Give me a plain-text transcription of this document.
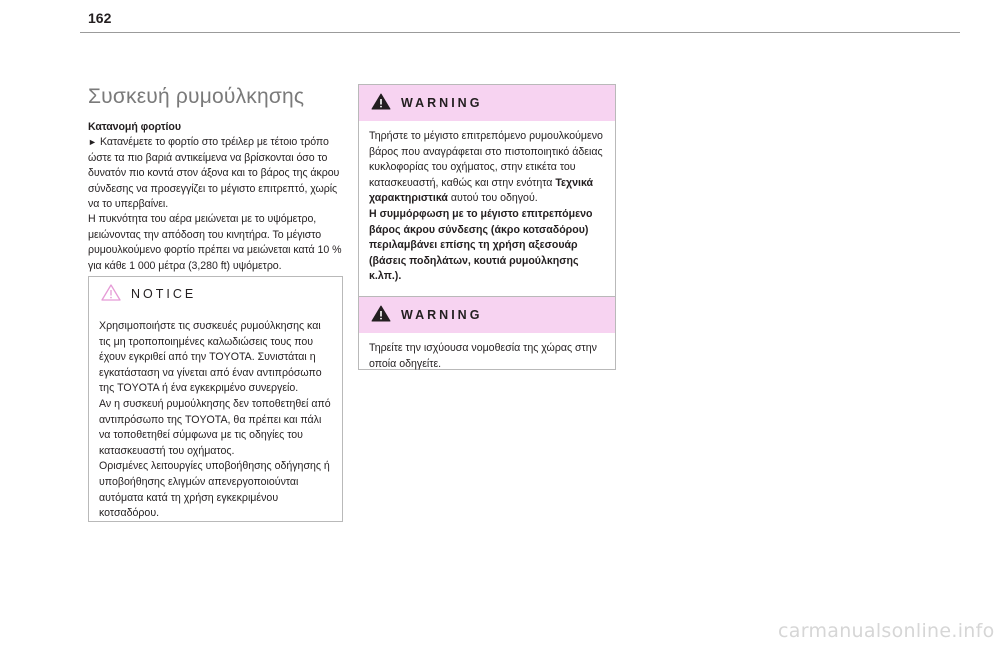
162
Συσκευή ρυμούλκησης

Κατανομή φορτίου

► Κατανέμετε το φορτίο στο τρέιλερ με τέτοιο τρόπο ώστε τα πιο βαριά αντικείμενα να βρίσκονται όσο το δυνατόν πιο κοντά στον άξονα και το βάρος της άκρου σύνδεσης να προσεγγίζει το μέγιστο επιτρεπτό, χωρίς να το υπερβαίνει.

Η πυκνότητα του αέρα μειώνεται με το υψόμετρο, μειώνοντας την απόδοση του κινητήρα. Το μέγιστο ρυμουλκούμενο φορτίο πρέπει να μειώνεται κατά 10 % για κάθε 1 000 μέτρα (3,280 ft) υψόμετρο.

NOTICE

Χρησιμοποιήστε τις συσκευές ρυμούλκησης και τις μη τροποποιημένες καλωδιώσεις τους που έχουν εγκριθεί από την TOYOTA. Συνιστάται η εγκατάσταση να γίνεται από έναν αντιπρόσωπο της TOYOTA ή ένα εγκεκριμένο συνεργείο.

Αν η συσκευή ρυμούλκησης δεν τοποθετηθεί από αντιπρόσωπο της TOYOTA, θα πρέπει και πάλι να τοποθετηθεί σύμφωνα με τις οδηγίες του κατασκευαστή του οχήματος.

Ορισμένες λειτουργίες υποβοήθησης οδήγησης ή υποβοήθησης ελιγμών απενεργοποιούνται αυτόματα κατά τη χρήση εγκεκριμένου κοτσαδόρου.

WARNING

Τηρήστε το μέγιστο επιτρεπόμενο ρυμουλκούμενο βάρος που αναγράφεται στο πιστοποιητικό άδειας κυκλοφορίας του οχήματος, στην ετικέτα του κατασκευαστή, καθώς και στην ενότητα Τεχνικά χαρακτηριστικά αυτού του οδηγού.

Η συμμόρφωση με το μέγιστο επιτρεπόμενο βάρος άκρου σύνδεσης (άκρο κοτσαδόρου) περιλαμβάνει επίσης τη χρήση αξεσουάρ (βάσεις ποδηλάτων, κουτιά ρυμούλκησης κ.λπ.).

WARNING

Τηρείτε την ισχύουσα νομοθεσία της χώρας στην οποία οδηγείτε.

carmanualsonline.info
